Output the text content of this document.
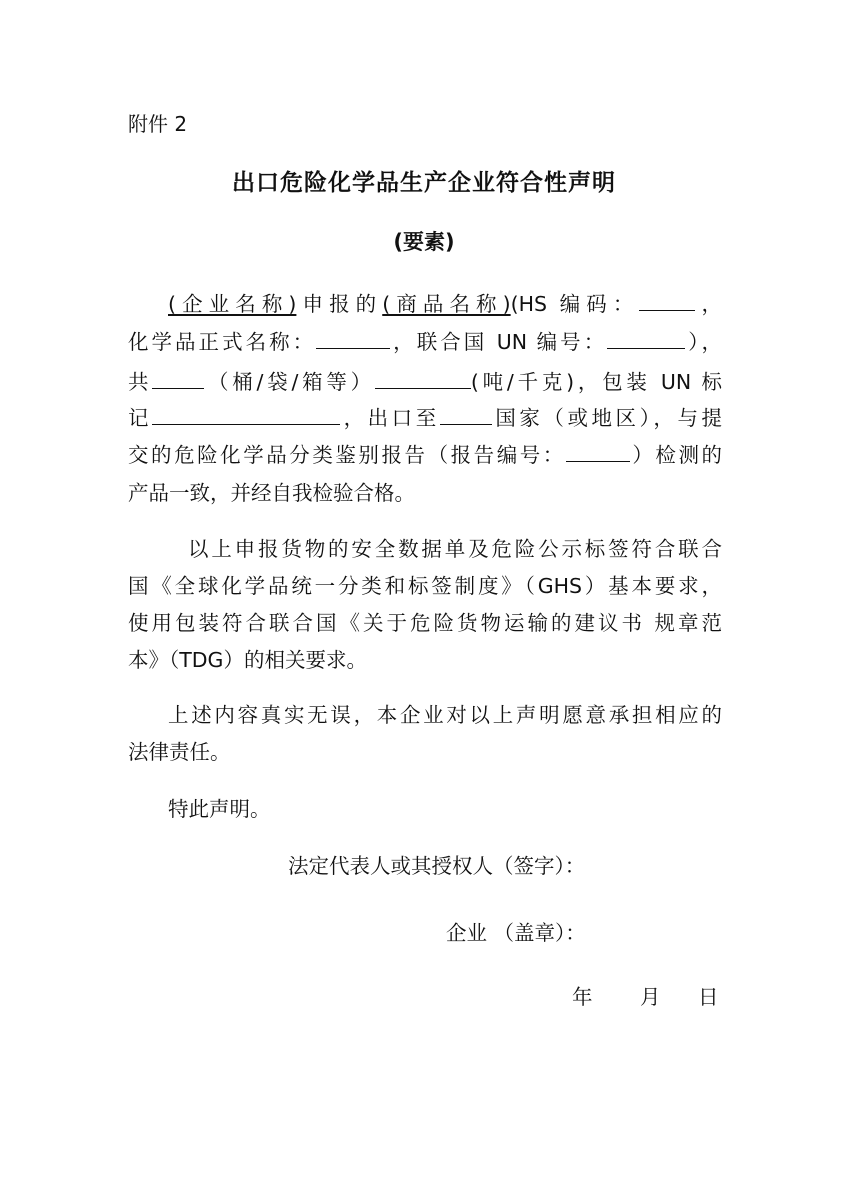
附件 2
出口危险化学品生产企业符合性声明
(要素)
(企业名称)申报的(商品名称)(HS 编码：	，
化学品正式名称：	，联合国 UN 编号：	），
共	（桶/袋/箱等）	(吨/千克)，包装 UN 标
记	，出口至	国家（或地区），与提
交的危险化学品分类鉴别报告（报告编号：	）检测的
产品一致，并经自我检验合格。
以上申报货物的安全数据单及危险公示标签符合联合
国《全球化学品统一分类和标签制度》（GHS）基本要求，
使用包装符合联合国《关于危险货物运输的建议书 规章范
本》（TDG）的相关要求。
上述内容真实无误，本企业对以上声明愿意承担相应的
法律责任。
特此声明。
法定代表人或其授权人（签字）：
企业 （盖章）：
年 月 日
